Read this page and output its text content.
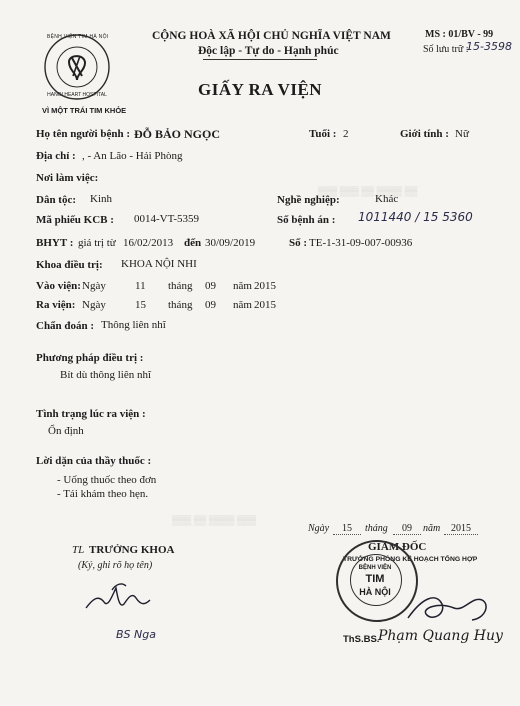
▒▒▒ ▒▒▒ ▒▒ ▒▒▒▒ ▒▒
▒▒▒ ▒▒ ▒▒▒▒ ▒▒▒
BỆNH VIỆN TIM HÀ NỘI
HANOI HEART HOSPITAL
VÌ MỘT TRÁI TIM KHỎE
CỘNG HOÀ XÃ HỘI CHỦ NGHĨA VIỆT NAM
Độc lập - Tự do - Hạnh phúc
MS : 01/BV - 99
Số lưu trữ :
15-3598
GIẤY RA VIỆN
Họ tên người bệnh : ĐỖ BẢO NGỌC	Tuổi : 2	Giới tính : Nữ
Địa chỉ : , - An Lão - Hải Phòng
Nơi làm việc:
Dân tộc: Kinh	Nghề nghiệp:	Khác
Mã phiếu KCB : 0014-VT-5359	Số bệnh án : 1011440 / 15 5360
BHYT : giá trị từ 16/02/2013 đến 30/09/2019	Số : TE-1-31-09-007-00936
Khoa điều trị: KHOA NỘI NHI
Vào viện: Ngày	11 tháng 09 năm 2015
Ra viện: Ngày	15 tháng 09 năm 2015
Chẩn đoán : Thông liên nhĩ
Phương pháp điều trị :
Bít dù thông liên nhĩ
Tình trạng lúc ra viện :
Ổn định
Lời dặn của thầy thuốc :
- Uống thuốc theo đơn
- Tái khám theo hẹn.
Ngày	15	tháng	09	năm	2015
TL TRƯỞNG KHOA
(Ký, ghi rõ họ tên)
BS Nga
GIÁM ĐỐC
TRƯỞNG PHÒNG KẾ HOẠCH TỔNG HỢP
BỆNH VIỆN
TIM
HÀ NỘI
ThS.BS.
Phạm Quang Huy
